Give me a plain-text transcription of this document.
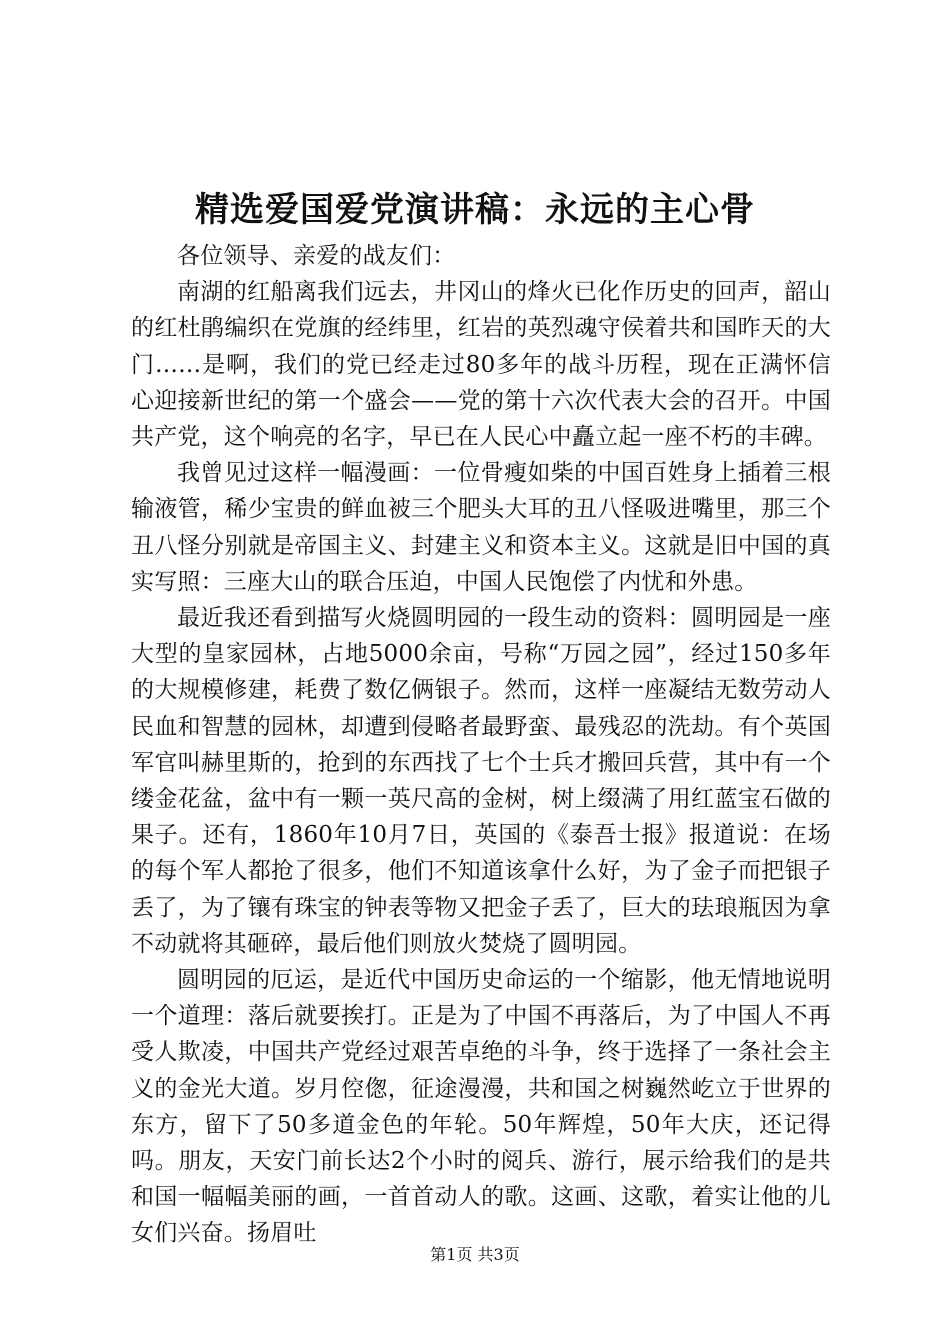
精选爱国爱党演讲稿：永远的主心骨

各位领导、亲爱的战友们：

南湖的红船离我们远去，井冈山的烽火已化作历史的回声，韶山的红杜鹃编织在党旗的经纬里，红岩的英烈魂守侯着共和国昨天的大门……是啊，我们的党已经走过80多年的战斗历程，现在正满怀信心迎接新世纪的第一个盛会——党的第十六次代表大会的召开。中国共产党，这个响亮的名字，早已在人民心中矗立起一座不朽的丰碑。

我曾见过这样一幅漫画：一位骨瘦如柴的中国百姓身上插着三根输液管，稀少宝贵的鲜血被三个肥头大耳的丑八怪吸进嘴里，那三个丑八怪分别就是帝国主义、封建主义和资本主义。这就是旧中国的真实写照：三座大山的联合压迫，中国人民饱偿了内忧和外患。

最近我还看到描写火烧圆明园的一段生动的资料：圆明园是一座大型的皇家园林，占地5000余亩，号称“万园之园”，经过150多年的大规模修建，耗费了数亿俩银子。然而，这样一座凝结无数劳动人民血和智慧的园林，却遭到侵略者最野蛮、最残忍的洗劫。有个英国军官叫赫里斯的，抢到的东西找了七个士兵才搬回兵营，其中有一个缕金花盆，盆中有一颗一英尺高的金树，树上缀满了用红蓝宝石做的果子。还有，1860年10月7日，英国的《泰吾士报》报道说：在场的每个军人都抢了很多，他们不知道该拿什么好，为了金子而把银子丢了，为了镶有珠宝的钟表等物又把金子丢了，巨大的珐琅瓶因为拿不动就将其砸碎，最后他们则放火焚烧了圆明园。

圆明园的厄运，是近代中国历史命运的一个缩影，他无情地说明一个道理：落后就要挨打。正是为了中国不再落后，为了中国人不再受人欺凌，中国共产党经过艰苦卓绝的斗争，终于选择了一条社会主义的金光大道。岁月倥偬，征途漫漫，共和国之树巍然屹立于世界的东方，留下了50多道金色的年轮。50年辉煌，50年大庆，还记得吗。朋友，天安门前长达2个小时的阅兵、游行，展示给我们的是共和国一幅幅美丽的画，一首首动人的歌。这画、这歌，着实让他的儿女们兴奋。扬眉吐

第1页 共3页
